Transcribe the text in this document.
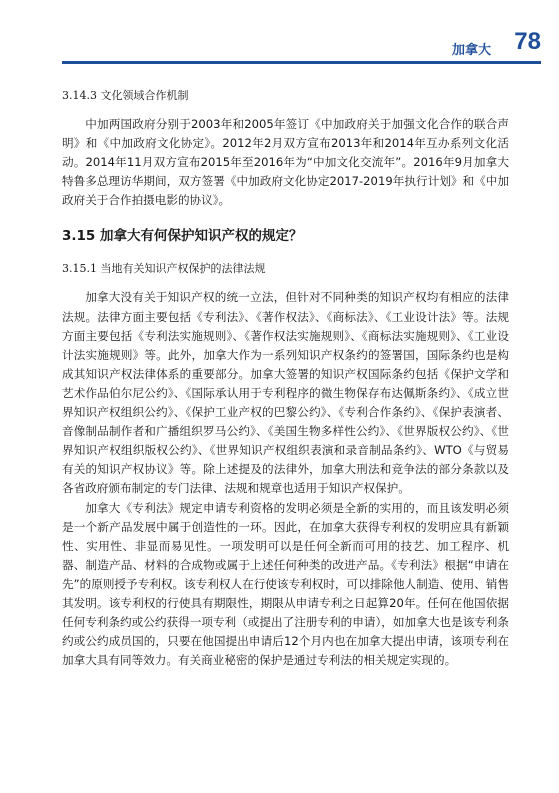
加拿大 78
3.14.3 文化领域合作机制

中加两国政府分别于2003年和2005年签订《中加政府关于加强文化合作的联合声明》和《中加政府文化协定》。2012年2月双方宣布2013年和2014年互办系列文化活动。2014年11月双方宣布2015年至2016年为“中加文化交流年”。2016年9月加拿大特鲁多总理访华期间，双方签署《中加政府文化协定2017-2019年执行计划》和《中加政府关于合作拍摄电影的协议》。

3.15 加拿大有何保护知识产权的规定？
3.15.1 当地有关知识产权保护的法律法规

加拿大没有关于知识产权的统一立法，但针对不同种类的知识产权均有相应的法律法规。法律方面主要包括《专利法》、《著作权法》、《商标法》、《工业设计法》等。法规方面主要包括《专利法实施规则》、《著作权法实施规则》、《商标法实施规则》、《工业设计法实施规则》等。此外，加拿大作为一系列知识产权条约的签署国，国际条约也是构成其知识产权法律体系的重要部分。加拿大签署的知识产权国际条约包括《保护文学和艺术作品伯尔尼公约》、《国际承认用于专利程序的微生物保存布达佩斯条约》、《成立世界知识产权组织公约》、《保护工业产权的巴黎公约》、《专利合作条约》、《保护表演者、音像制品制作者和广播组织罗马公约》、《美国生物多样性公约》、《世界版权公约》、《世界知识产权组织版权公约》、《世界知识产权组织表演和录音制品条约》、WTO《与贸易有关的知识产权协议》等。除上述提及的法律外，加拿大刑法和竞争法的部分条款以及各省政府颁布制定的专门法律、法规和规章也适用于知识产权保护。

加拿大《专利法》规定申请专利资格的发明必须是全新的实用的，而且该发明必须是一个新产品发展中属于创造性的一环。因此，在加拿大获得专利权的发明应具有新颖性、实用性、非显而易见性。一项发明可以是任何全新而可用的技艺、加工程序、机器、制造产品、材料的合成物或属于上述任何种类的改进产品。《专利法》根据“申请在先”的原则授予专利权。该专利权人在行使该专利权时，可以排除他人制造、使用、销售其发明。该专利权的行使具有期限性，期限从申请专利之日起算20年。任何在他国依据任何专利条约或公约获得一项专利（或提出了注册专利的申请），如加拿大也是该专利条约或公约成员国的，只要在他国提出申请后12个月内也在加拿大提出申请，该项专利在加拿大具有同等效力。有关商业秘密的保护是通过专利法的相关规定实现的。
